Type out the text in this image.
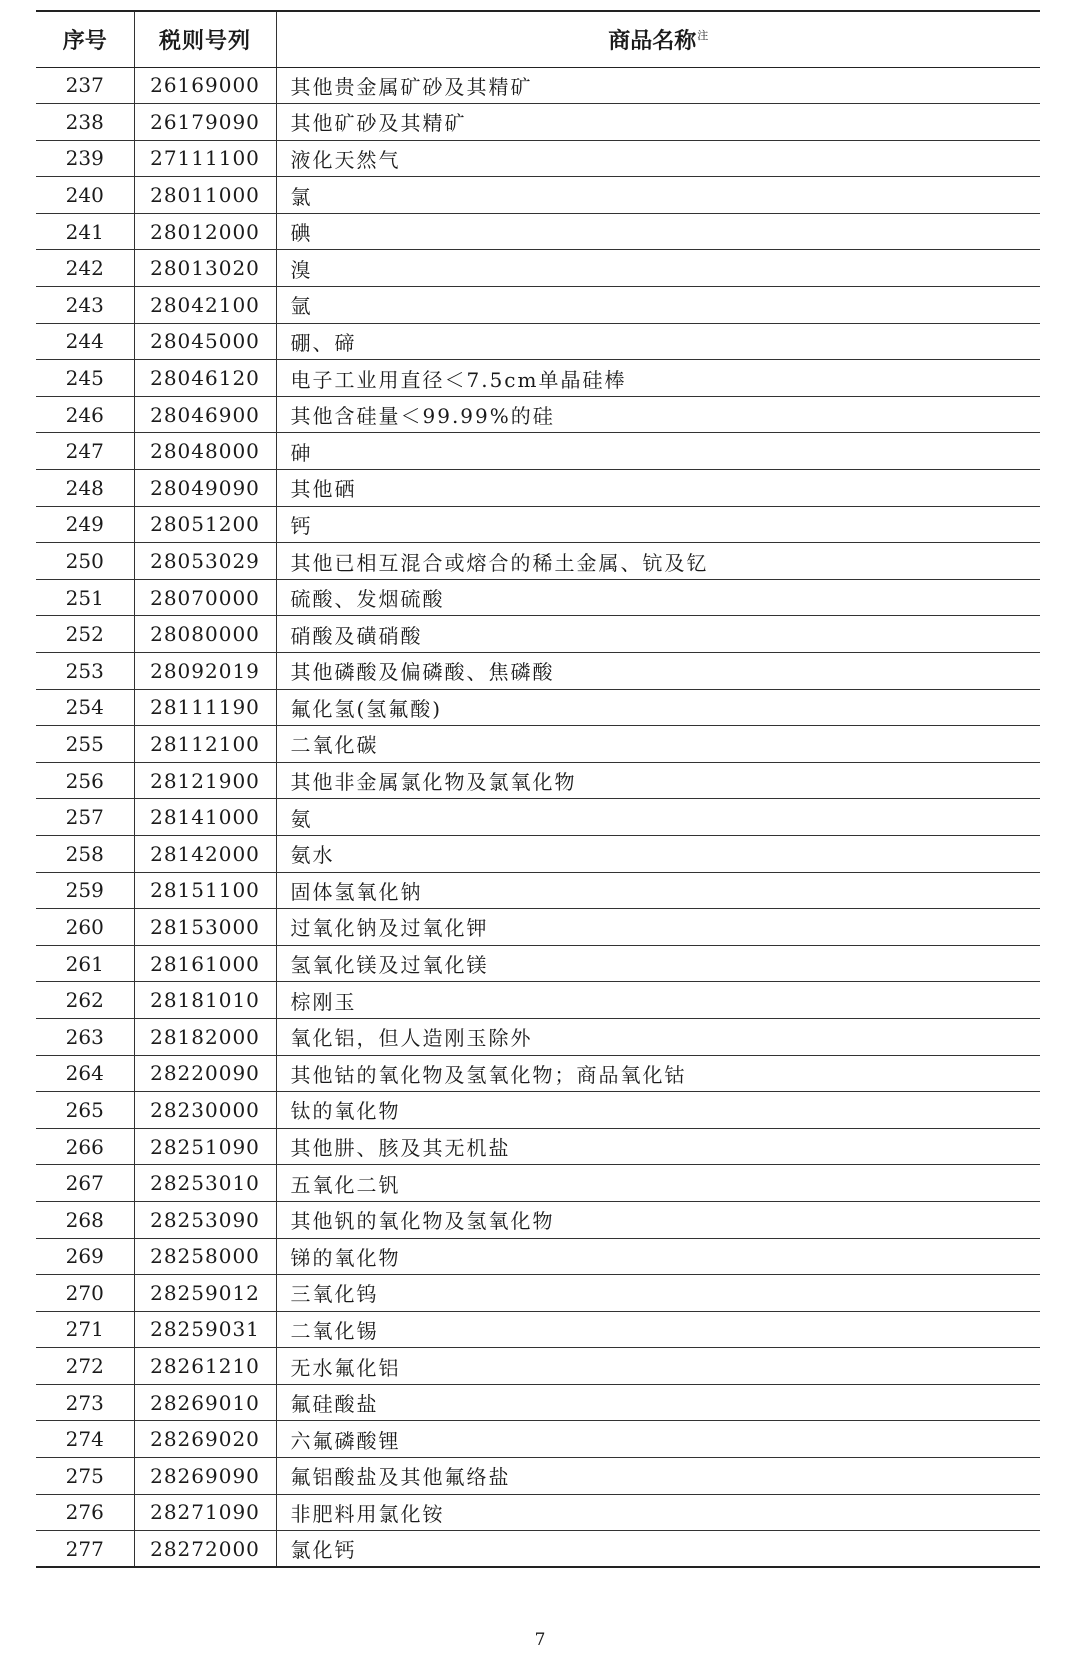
序号	税则号列	商品名称$^注$
237	26169000	其他贵金属矿砂及其精矿
238	26179090	其他矿砂及其精矿
239	27111100	液化天然气
240	28011000	氯
241	28012000	碘
242	28013020	溴
243	28042100	氩
244	28045000	硼、碲
245	28046120	电子工业用直径＜7.5cm单晶硅棒
246	28046900	其他含硅量＜99.99%的硅
247	28048000	砷
248	28049090	其他硒
249	28051200	钙
250	28053029	其他已相互混合或熔合的稀土金属、钪及钇
251	28070000	硫酸、发烟硫酸
252	28080000	硝酸及磺硝酸
253	28092019	其他磷酸及偏磷酸、焦磷酸
254	28111190	氟化氢(氢氟酸)
255	28112100	二氧化碳
256	28121900	其他非金属氯化物及氯氧化物
257	28141000	氨
258	28142000	氨水
259	28151100	固体氢氧化钠
260	28153000	过氧化钠及过氧化钾
261	28161000	氢氧化镁及过氧化镁
262	28181010	棕刚玉
263	28182000	氧化铝，但人造刚玉除外
264	28220090	其他钴的氧化物及氢氧化物；商品氧化钴
265	28230000	钛的氧化物
266	28251090	其他肼、胲及其无机盐
267	28253010	五氧化二钒
268	28253090	其他钒的氧化物及氢氧化物
269	28258000	锑的氧化物
270	28259012	三氧化钨
271	28259031	二氧化锡
272	28261210	无水氟化铝
273	28269010	氟硅酸盐
274	28269020	六氟磷酸锂
275	28269090	氟铝酸盐及其他氟络盐
276	28271090	非肥料用氯化铵
277	28272000	氯化钙
7
